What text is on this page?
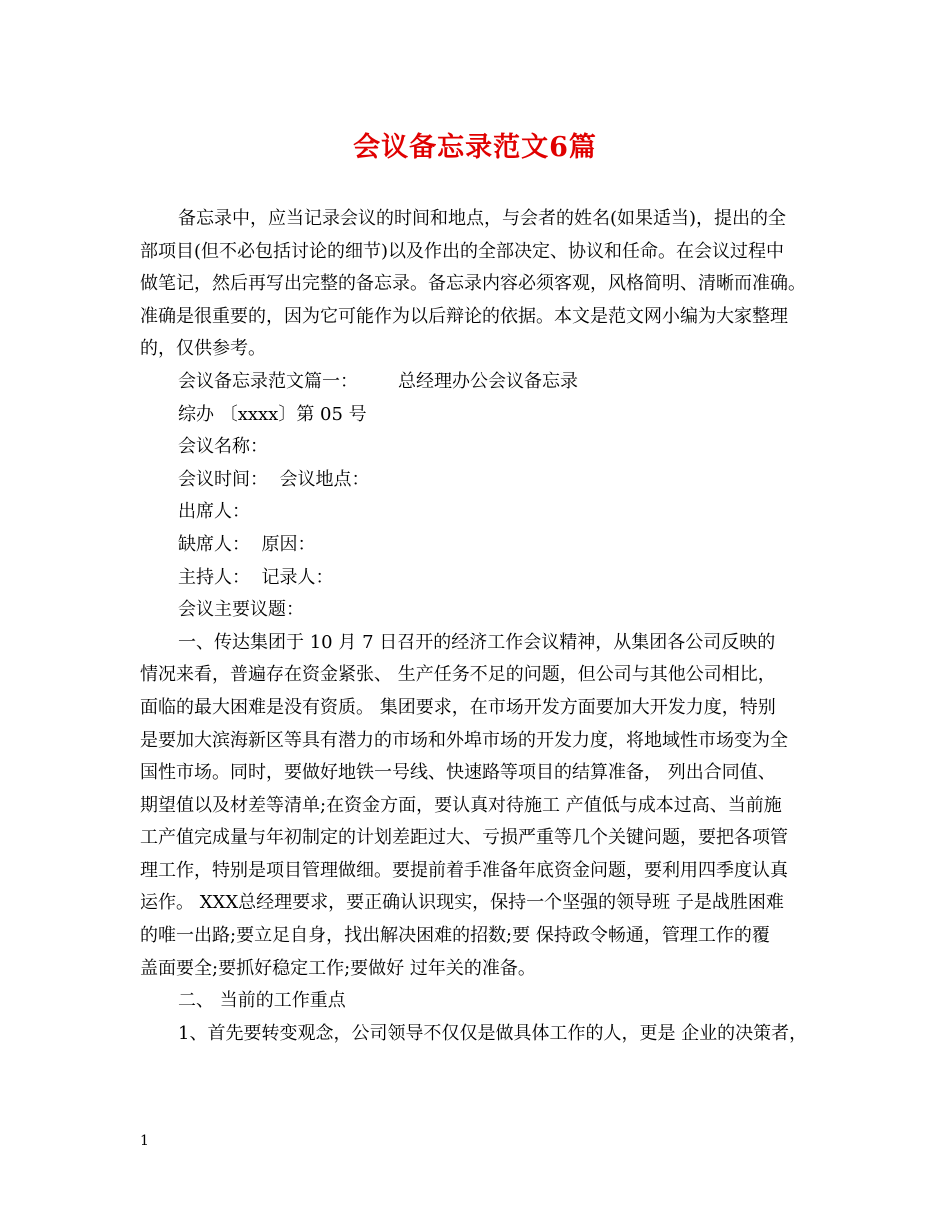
会议备忘录范文6篇

备忘录中，应当记录会议的时间和地点，与会者的姓名(如果适当)，提出的全

部项目(但不必包括讨论的细节)以及作出的全部决定、协议和任命。在会议过程中

做笔记，然后再写出完整的备忘录。备忘录内容必须客观，风格简明、清晰而准确。

准确是很重要的，因为它可能作为以后辩论的依据。本文是范文网小编为大家整理

的，仅供参考。

会议备忘录范文篇一：       总经理办公会议备忘录

综办 〔xxxx〕第 05 号

会议名称：

会议时间：  会议地点：

出席人：

缺席人：  原因：

主持人：  记录人：

会议主要议题：

一、传达集团于 10 月 7 日召开的经济工作会议精神，从集团各公司反映的

情况来看，普遍存在资金紧张、 生产任务不足的问题，但公司与其他公司相比，

面临的最大困难是没有资质。 集团要求，在市场开发方面要加大开发力度，特别

是要加大滨海新区等具有潜力的市场和外埠市场的开发力度，将地域性市场变为全

国性市场。同时，要做好地铁一号线、快速路等项目的结算准备， 列出合同值、

期望值以及材差等清单;在资金方面，要认真对待施工 产值低与成本过高、当前施

工产值完成量与年初制定的计划差距过大、亏损严重等几个关键问题，要把各项管

理工作，特别是项目管理做细。要提前着手准备年底资金问题，要利用四季度认真

运作。 XXX总经理要求，要正确认识现实，保持一个坚强的领导班 子是战胜困难

的唯一出路;要立足自身，找出解决困难的招数;要 保持政令畅通，管理工作的覆

盖面要全;要抓好稳定工作;要做好 过年关的准备。

二、 当前的工作重点

1、首先要转变观念，公司领导不仅仅是做具体工作的人，更是 企业的决策者，

1
